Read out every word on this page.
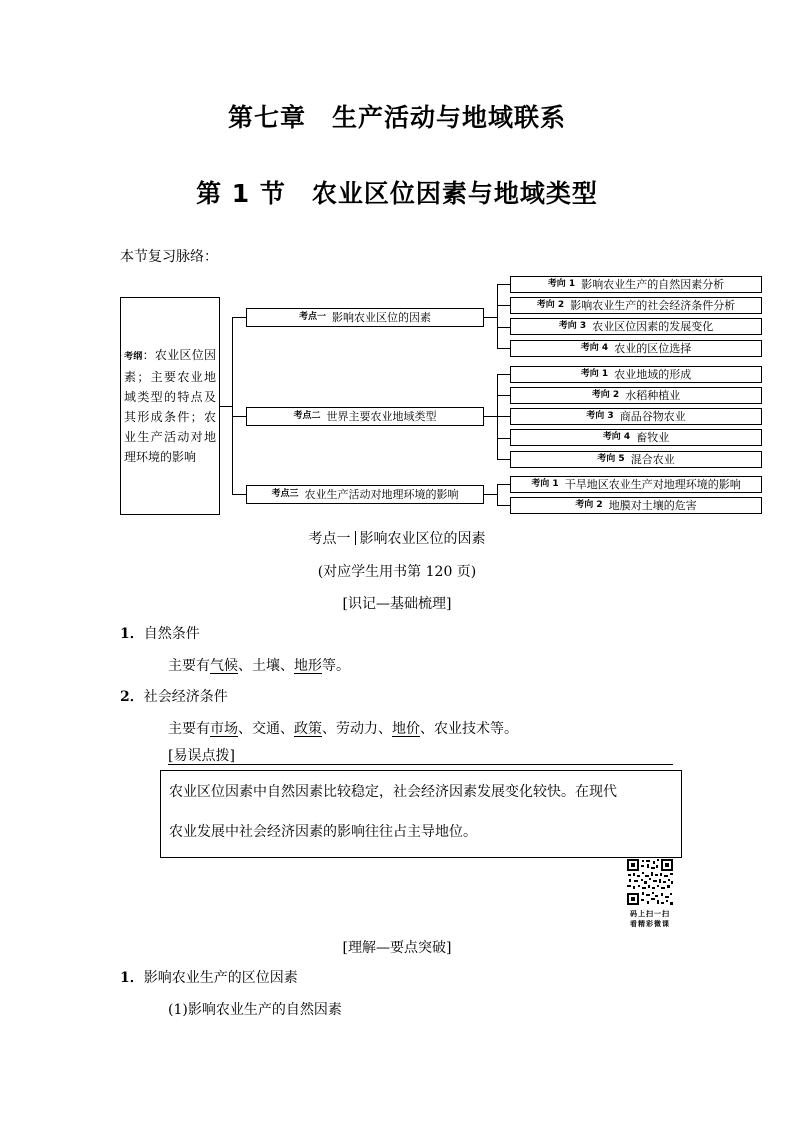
第七章　生产活动与地域联系
第 1 节　农业区位因素与地域类型
本节复习脉络：
考纲：农业区位因素；主要农业地域类型的特点及其形成条件；农业生产活动对地理环境的影响
考点一 影响农业区位的因素
考点二 世界主要农业地域类型
考点三 农业生产活动对地理环境的影响
考向 1 影响农业生产的自然因素分析
考向 2 影响农业生产的社会经济条件分析
考向 3 农业区位因素的发展变化
考向 4 农业的区位选择
考向 1 农业地域的形成
考向 2 水稻种植业
考向 3 商品谷物农业
考向 4 畜牧业
考向 5 混合农业
考向 1 干旱地区农业生产对地理环境的影响
考向 2 地膜对土壤的危害
考点一 影响农业区位的因素
(对应学生用书第 120 页)
[识记—基础梳理]
1．自然条件
主要有气候、土壤、地形等。
2．社会经济条件
主要有市场、交通、政策、劳动力、地价、农业技术等。
[易误点拨]
农业区位因素中自然因素比较稳定，社会经济因素发展变化较快。在现代
农业发展中社会经济因素的影响往往占主导地位。
码上扫一扫
看精彩微课
[理解—要点突破]
1．影响农业生产的区位因素
(1)影响农业生产的自然因素
